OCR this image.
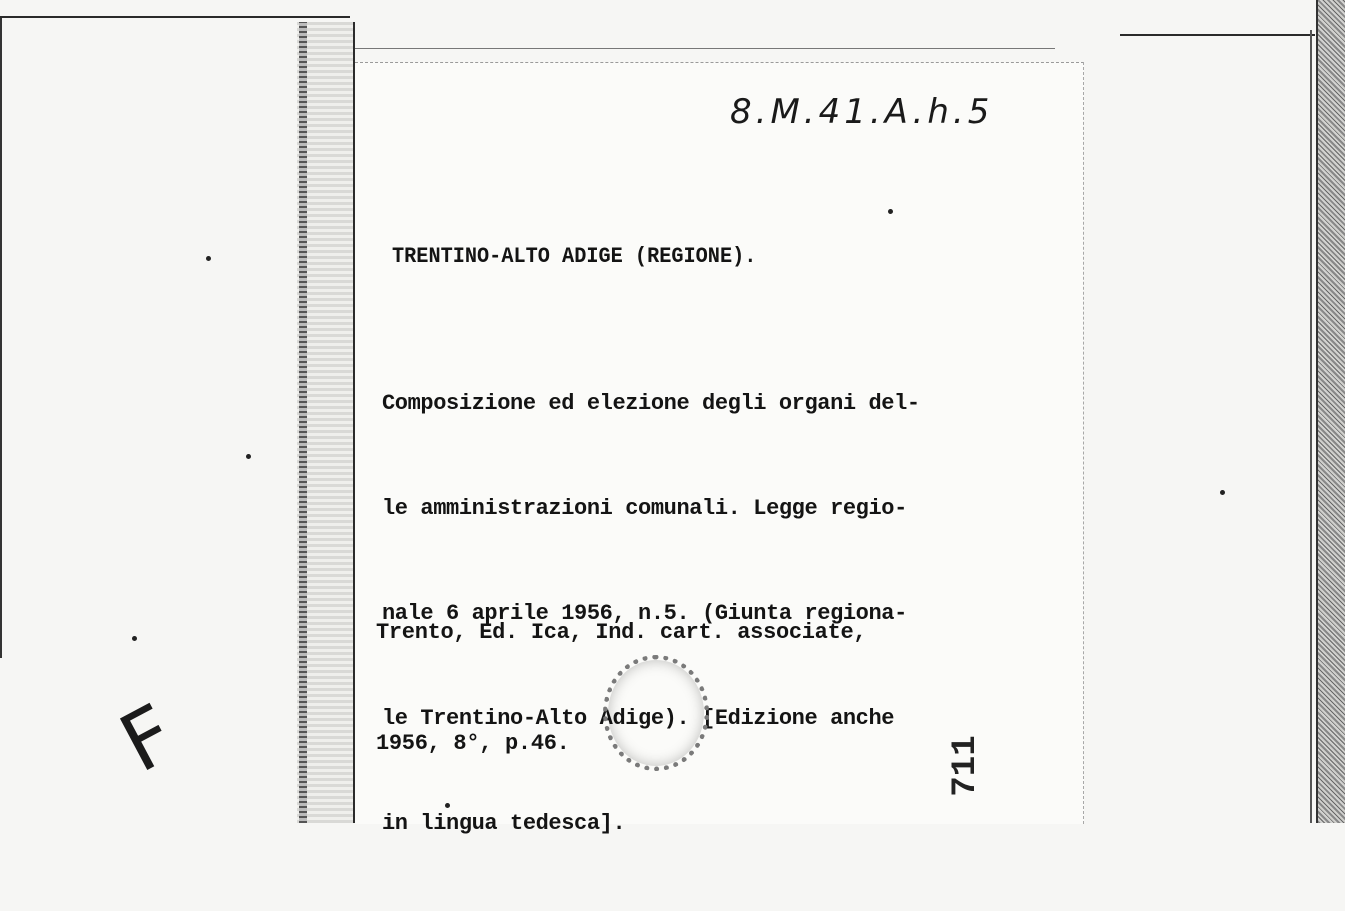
8.M.41.A.h.5
TRENTINO-ALTO ADIGE (REGIONE).

Composizione ed elezione degli organi del-

le amministrazioni comunali. Legge regio-

nale 6 aprile 1956, n.5. (Giunta regiona-

le Trentino-Alto Adige). [Edizione anche

in lingua tedesca].

Trento, Ed. Ica, Ind. cart. associate,

1956, 8°, p.46.

	711
F
